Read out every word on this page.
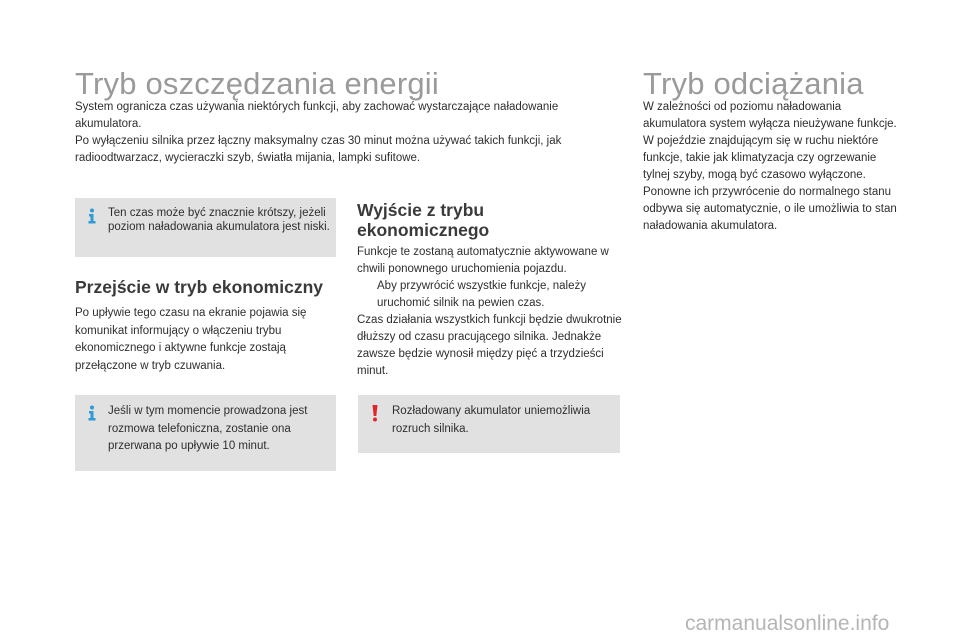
Tryb oszczędzania energii

System ogranicza czas używania niektórych funkcji, aby zachować wystarczające naładowanie akumulatora.

Po wyłączeniu silnika przez łączny maksymalny czas 30 minut można używać takich funkcji, jak radioodtwarzacz, wycieraczki szyb, światła mijania, lampki sufitowe.

Ten czas może być znacznie krótszy, jeżeli poziom naładowania akumulatora jest niski.
Przejście w tryb ekonomiczny

Po upływie tego czasu na ekranie pojawia się komunikat informujący o włączeniu trybu ekonomicznego i aktywne funkcje zostają przełączone w tryb czuwania.

Jeśli w tym momencie prowadzona jest rozmowa telefoniczna, zostanie ona przerwana po upływie 10 minut.
Wyjście z trybu
ekonomicznego

Funkcje te zostaną automatycznie aktywowane w chwili ponownego uruchomienia pojazdu.

Aby przywrócić wszystkie funkcje, należy uruchomić silnik na pewien czas.

Czas działania wszystkich funkcji będzie dwukrotnie dłuższy od czasu pracującego silnika. Jednakże zawsze będzie wynosił między pięć a trzydzieści minut.

Rozładowany akumulator uniemożliwia rozruch silnika.
Tryb odciążania

W zależności od poziomu naładowania akumulatora system wyłącza nieużywane funkcje.

W pojeździe znajdującym się w ruchu niektóre funkcje, takie jak klimatyzacja czy ogrzewanie tylnej szyby, mogą być czasowo wyłączone. Ponowne ich przywrócenie do normalnego stanu odbywa się automatycznie, o ile umożliwia to stan naładowania akumulatora.

carmanualsonline.info
